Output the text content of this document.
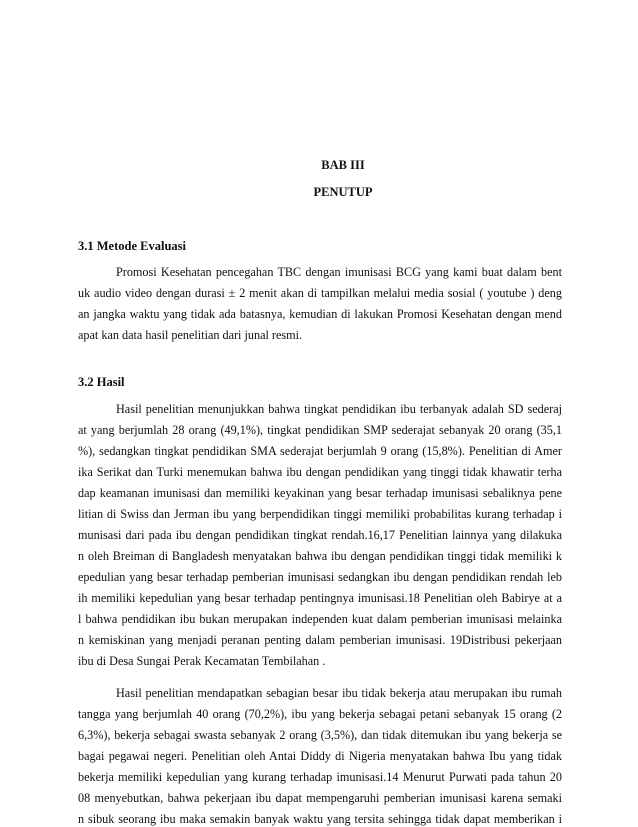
BAB III
PENUTUP
3.1 Metode Evaluasi
Promosi Kesehatan pencegahan TBC dengan imunisasi BCG yang kami buat dalam bent
uk audio video dengan durasi ± 2 menit akan di tampilkan melalui media sosial ( youtube ) deng
an jangka waktu yang tidak ada batasnya, kemudian di lakukan Promosi Kesehatan dengan mend
apat kan data hasil penelitian dari junal resmi.
3.2 Hasil
Hasil penelitian menunjukkan bahwa tingkat pendidikan ibu terbanyak adalah SD sederaj
at yang berjumlah 28 orang (49,1%), tingkat pendidikan SMP sederajat sebanyak 20 orang (35,1
%), sedangkan tingkat pendidikan SMA sederajat berjumlah 9 orang (15,8%). Penelitian di Amer
ika Serikat dan Turki menemukan bahwa ibu dengan pendidikan yang tinggi tidak khawatir terha
dap keamanan imunisasi dan memiliki keyakinan yang besar terhadap imunisasi sebaliknya pene
litian di Swiss dan Jerman ibu yang berpendidikan tinggi memiliki probabilitas kurang terhadap i
munisasi dari pada ibu dengan pendidikan tingkat rendah.16,17 Penelitian lainnya yang dilakuka
n oleh Breiman di Bangladesh menyatakan bahwa ibu dengan pendidikan tinggi tidak memiliki k
epedulian yang besar terhadap pemberian imunisasi sedangkan ibu dengan pendidikan rendah leb
ih memiliki kepedulian yang besar terhadap pentingnya imunisasi.18 Penelitian oleh Babirye at a
l bahwa pendidikan ibu bukan merupakan independen kuat dalam pemberian imunisasi melainka
n kemiskinan yang menjadi peranan penting dalam pemberian imunisasi. 19Distribusi pekerjaan
ibu di Desa Sungai Perak Kecamatan Tembilahan .
Hasil penelitian mendapatkan sebagian besar ibu tidak bekerja atau merupakan ibu rumah
tangga yang berjumlah 40 orang (70,2%), ibu yang bekerja sebagai petani sebanyak 15 orang (2
6,3%), bekerja sebagai swasta sebanyak 2 orang (3,5%), dan tidak ditemukan ibu yang bekerja se
bagai pegawai negeri. Penelitian oleh Antai Diddy di Nigeria menyatakan bahwa Ibu yang tidak
bekerja memiliki kepedulian yang kurang terhadap imunisasi.14 Menurut Purwati pada tahun 20
08 menyebutkan, bahwa pekerjaan ibu dapat mempengaruhi pemberian imunisasi karena semaki
n sibuk seorang ibu maka semakin banyak waktu yang tersita sehingga tidak dapat memberikan i
